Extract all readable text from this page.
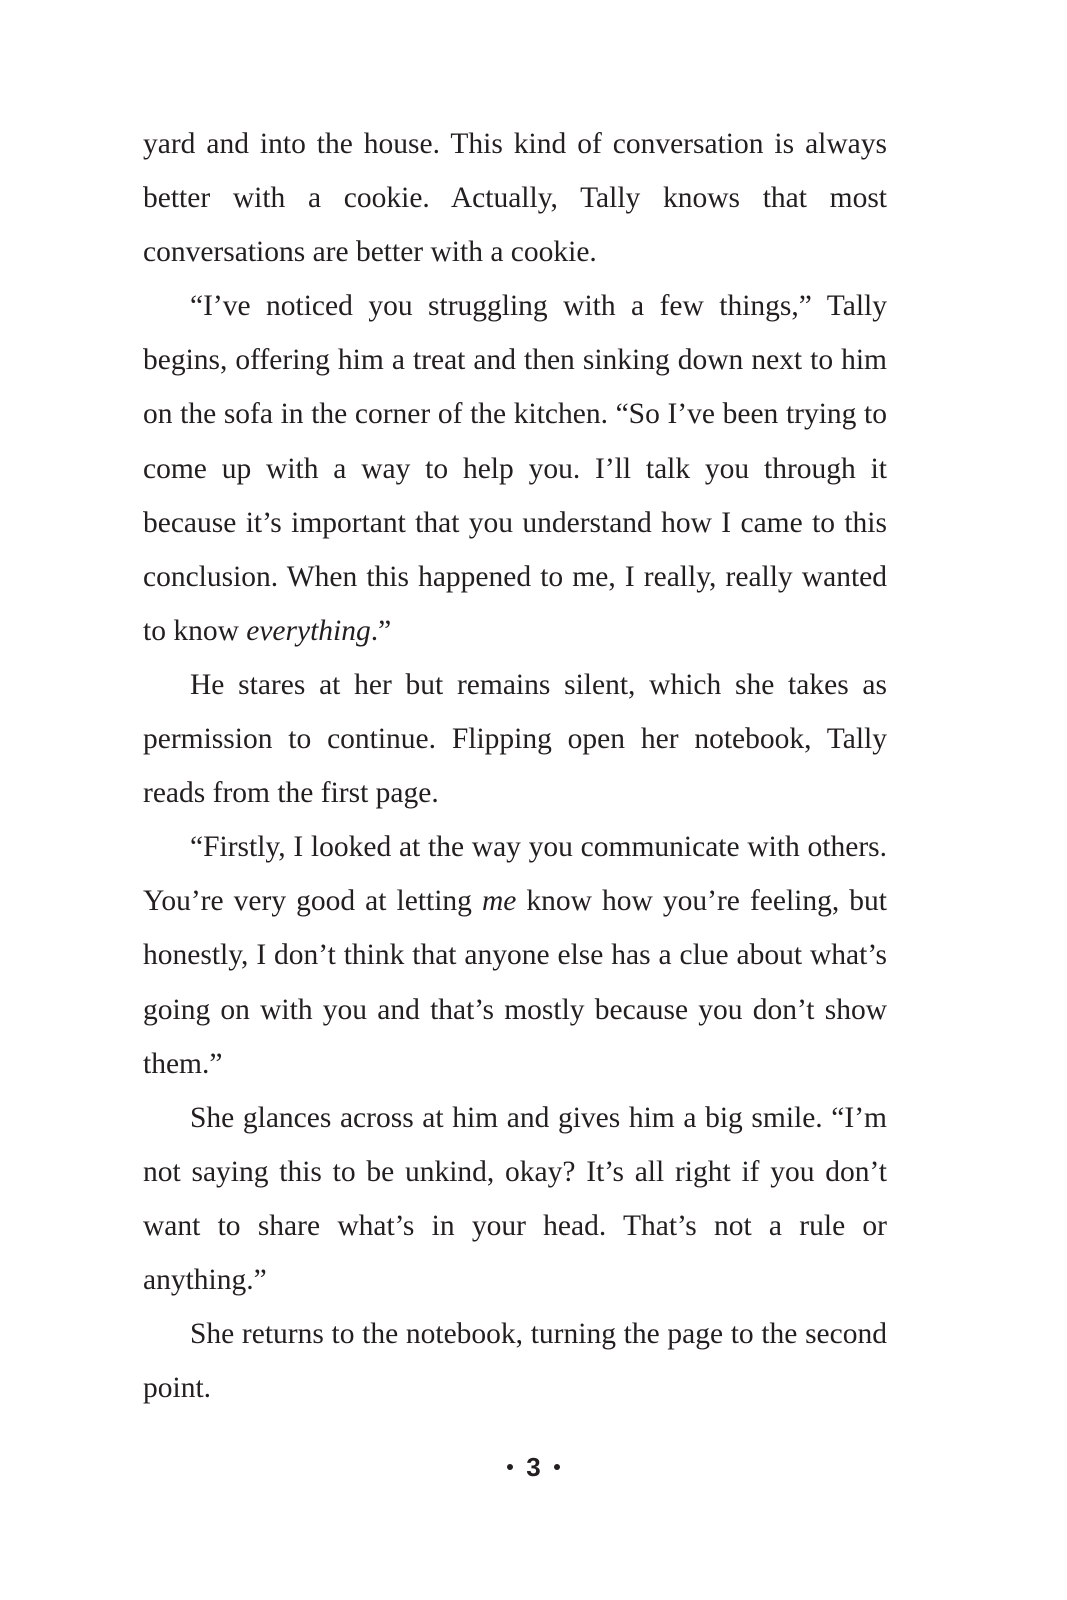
yard and into the house. This kind of conversation is always better with a cookie. Actually, Tally knows that most conversations are better with a cookie.

“I’ve noticed you struggling with a few things,” Tally begins, offering him a treat and then sinking down next to him on the sofa in the corner of the kitchen. “So I’ve been trying to come up with a way to help you. I’ll talk you through it because it’s important that you understand how I came to this conclusion. When this happened to me, I really, really wanted to know everything.”

He stares at her but remains silent, which she takes as permission to continue. Flipping open her notebook, Tally reads from the first page.

“Firstly, I looked at the way you communicate with others. You’re very good at letting me know how you’re feeling, but honestly, I don’t think that anyone else has a clue about what’s going on with you and that’s mostly because you don’t show them.”

She glances across at him and gives him a big smile. “I’m not saying this to be unkind, okay? It’s all right if you don’t want to share what’s in your head. That’s not a rule or anything.”

She returns to the notebook, turning the page to the second point.

3
